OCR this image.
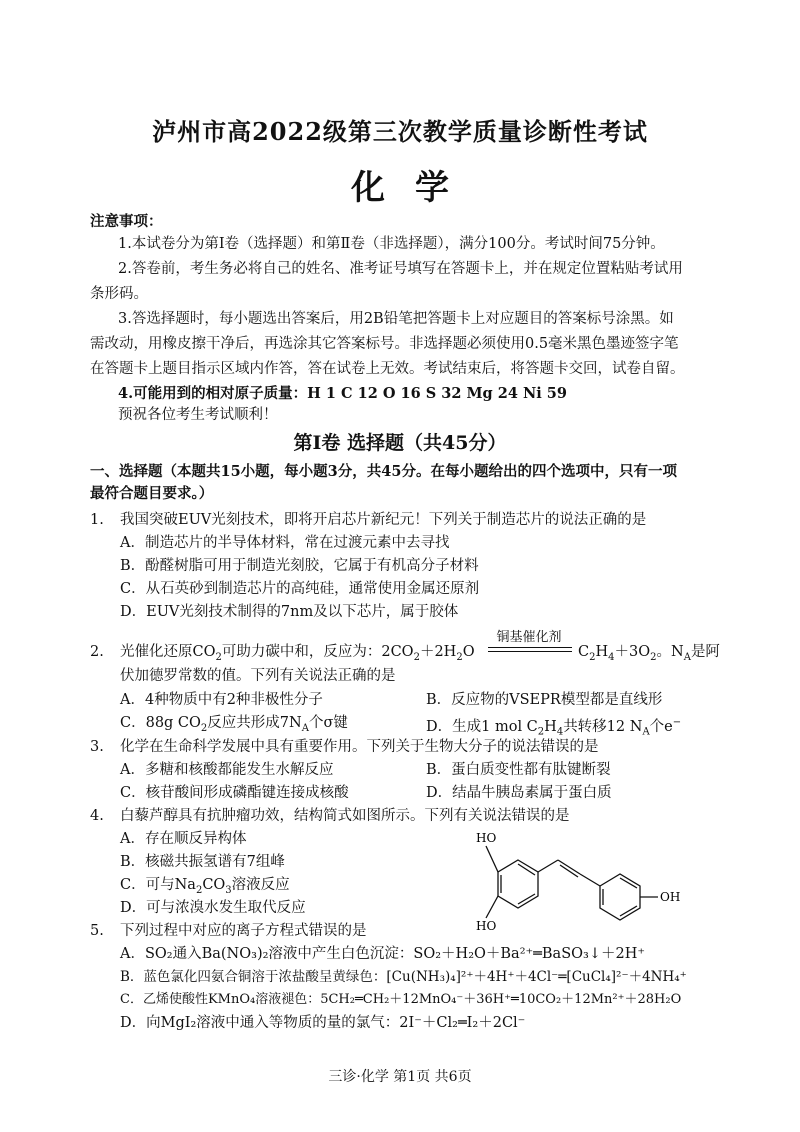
泸州市高2022级第三次教学质量诊断性考试
化学
注意事项：
1.本试卷分为第Ⅰ卷（选择题）和第Ⅱ卷（非选择题），满分100分。考试时间75分钟。
2.答卷前，考生务必将自己的姓名、准考证号填写在答题卡上，并在规定位置粘贴考试用
条形码。
3.答选择题时，每小题选出答案后，用2B铅笔把答题卡上对应题目的答案标号涂黑。如
需改动，用橡皮擦干净后，再选涂其它答案标号。非选择题必须使用0.5毫米黑色墨迹签字笔
在答题卡上题目指示区域内作答，答在试卷上无效。考试结束后，将答题卡交回，试卷自留。
4.可能用到的相对原子质量：H 1 C 12 O 16 S 32 Mg 24 Ni 59
预祝各位考生考试顺利！
第Ⅰ卷 选择题（共45分）
一、选择题（本题共15小题，每小题3分，共45分。在每小题给出的四个选项中，只有一项
最符合题目要求。）
1. 我国突破EUV光刻技术，即将开启芯片新纪元！下列关于制造芯片的说法正确的是
A．制造芯片的半导体材料，常在过渡元素中去寻找
B．酚醛树脂可用于制造光刻胶，它属于有机高分子材料
C．从石英砂到制造芯片的高纯硅，通常使用金属还原剂
D．EUV光刻技术制得的7nm及以下芯片，属于胶体
2. 光催化还原$CO_2$可助力碳中和，反应为：$2CO_2+2H_2O$
铜基催化剂
$C_2H_4+3O_2$。$N_A$是阿
伏加德罗常数的值。下列有关说法正确的是
A．4种物质中有2种非极性分子	B．反应物的VSEPR模型都是直线形
C．88g $CO_2$反应共形成$7N_A$个σ键	D．生成1 mol $C_2H_4$共转移12 $N_A$个e−
3. 化学在生命科学发展中具有重要作用。下列关于生物大分子的说法错误的是
A．多糖和核酸都能发生水解反应	B．蛋白质变性都有肽键断裂
C．核苷酸间形成磷酯键连接成核酸	D．结晶牛胰岛素属于蛋白质
4. 白藜芦醇具有抗肿瘤功效，结构简式如图所示。下列有关说法错误的是
A．存在顺反异构体
B．核磁共振氢谱有7组峰
C．可与$Na_2CO_3$溶液反应
D．可与浓溴水发生取代反应
HO
HO
OH
5. 下列过程中对应的离子方程式错误的是
A．SO₂通入Ba(NO₃)₂溶液中产生白色沉淀：SO₂＋H₂O＋Ba²⁺═BaSO₃↓＋2H⁺
B．蓝色氯化四氨合铜溶于浓盐酸呈黄绿色：[Cu(NH₃)₄]²⁺＋4H⁺＋4Cl⁻═[CuCl₄]²⁻＋4NH₄⁺
C．乙烯使酸性KMnO₄溶液褪色：5CH₂═CH₂＋12MnO₄⁻＋36H⁺═10CO₂＋12Mn²⁺＋28H₂O
D．向MgI₂溶液中通入等物质的量的氯气：2I⁻＋Cl₂═I₂＋2Cl⁻
三诊·化学 第1页 共6页
